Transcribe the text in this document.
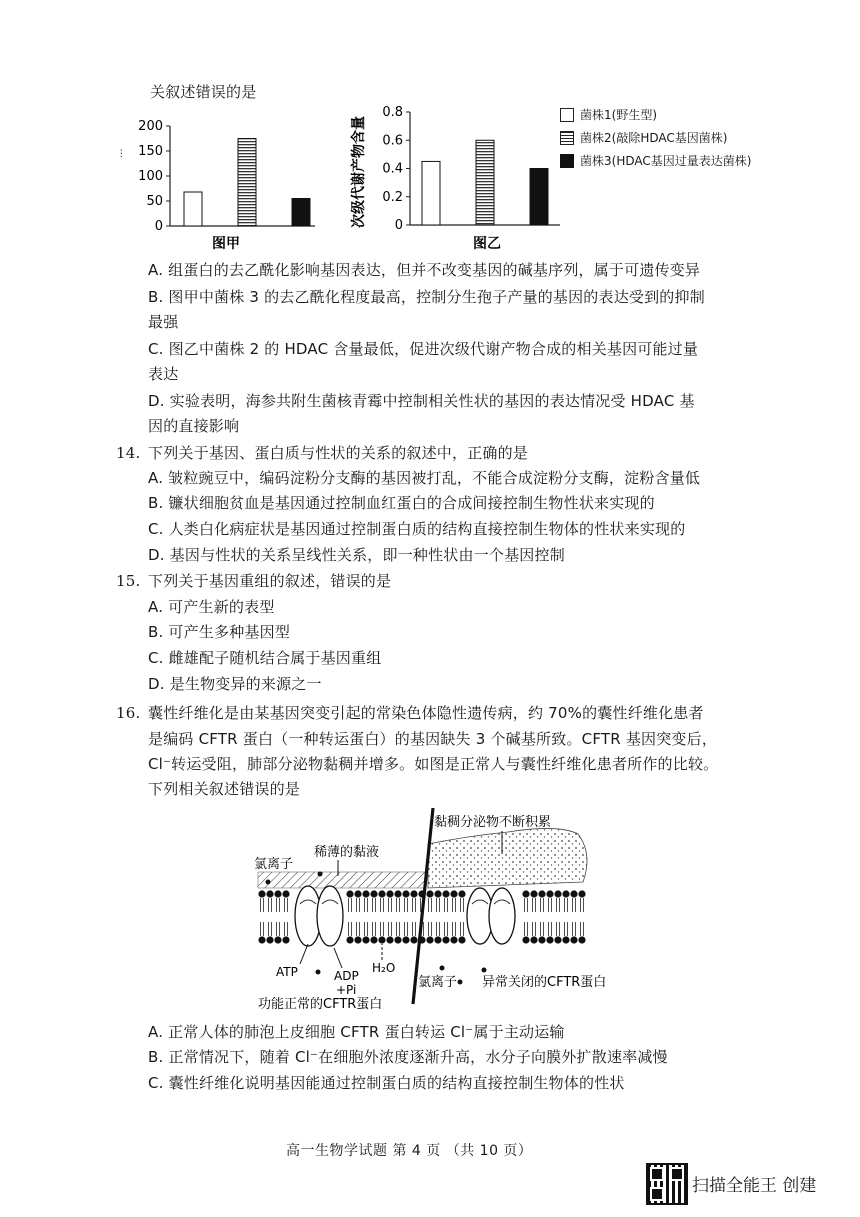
关叙述错误的是
...
200
150
100
50
0
图甲
次级代谢产物含量
0.8
0.6
0.4
0.2
0
图乙
菌株1(野生型)
菌株2(敲除HDAC基因菌株)
菌株3(HDAC基因过量表达菌株)
A. 组蛋白的去乙酰化影响基因表达，但并不改变基因的碱基序列，属于可遗传变异
B. 图甲中菌株 3 的去乙酰化程度最高，控制分生孢子产量的基因的表达受到的抑制
最强
C. 图乙中菌株 2 的 HDAC 含量最低，促进次级代谢产物合成的相关基因可能过量
表达
D. 实验表明，海参共附生菌核青霉中控制相关性状的基因的表达情况受 HDAC 基
因的直接影响
14. 下列关于基因、蛋白质与性状的关系的叙述中，正确的是
A. 皱粒豌豆中，编码淀粉分支酶的基因被打乱，不能合成淀粉分支酶，淀粉含量低
B. 镰状细胞贫血是基因通过控制血红蛋白的合成间接控制生物性状来实现的
C. 人类白化病症状是基因通过控制蛋白质的结构直接控制生物体的性状来实现的
D. 基因与性状的关系呈线性关系，即一种性状由一个基因控制
15. 下列关于基因重组的叙述，错误的是
A. 可产生新的表型
B. 可产生多种基因型
C. 雌雄配子随机结合属于基因重组
D. 是生物变异的来源之一
16. 囊性纤维化是由某基因突变引起的常染色体隐性遗传病，约 70%的囊性纤维化患者
是编码 CFTR 蛋白（一种转运蛋白）的基因缺失 3 个碱基所致。CFTR 基因突变后，
Cl⁻转运受阻，肺部分泌物黏稠并增多。如图是正常人与囊性纤维化患者所作的比较。
下列相关叙述错误的是
黏稠分泌物不断积累
氯离子
稀薄的黏液
ATP	ADP
+Pi
H₂O
氯离子 异常关闭的CFTR蛋白
功能正常的CFTR蛋白
A. 正常人体的肺泡上皮细胞 CFTR 蛋白转运 Cl⁻属于主动运输
B. 正常情况下，随着 Cl⁻在细胞外浓度逐渐升高，水分子向膜外扩散速率减慢
C. 囊性纤维化说明基因能通过控制蛋白质的结构直接控制生物体的性状
高一生物学试题 第 4 页 （共 10 页）
扫描全能王 创建
